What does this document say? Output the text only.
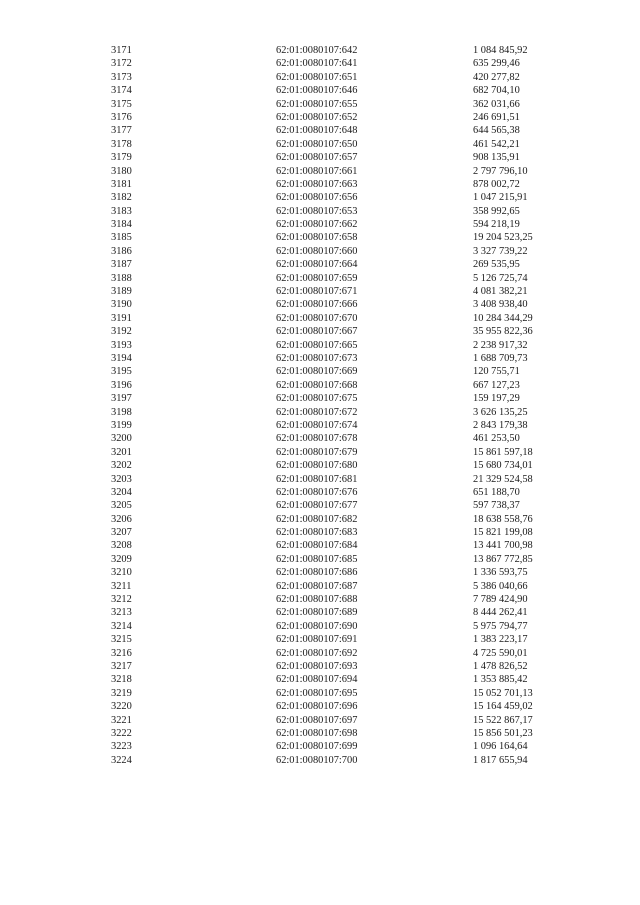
3171	62:01:0080107:642	1 084 845,92
3172	62:01:0080107:641	635 299,46
3173	62:01:0080107:651	420 277,82
3174	62:01:0080107:646	682 704,10
3175	62:01:0080107:655	362 031,66
3176	62:01:0080107:652	246 691,51
3177	62:01:0080107:648	644 565,38
3178	62:01:0080107:650	461 542,21
3179	62:01:0080107:657	908 135,91
3180	62:01:0080107:661	2 797 796,10
3181	62:01:0080107:663	878 002,72
3182	62:01:0080107:656	1 047 215,91
3183	62:01:0080107:653	358 992,65
3184	62:01:0080107:662	594 218,19
3185	62:01:0080107:658	19 204 523,25
3186	62:01:0080107:660	3 327 739,22
3187	62:01:0080107:664	269 535,95
3188	62:01:0080107:659	5 126 725,74
3189	62:01:0080107:671	4 081 382,21
3190	62:01:0080107:666	3 408 938,40
3191	62:01:0080107:670	10 284 344,29
3192	62:01:0080107:667	35 955 822,36
3193	62:01:0080107:665	2 238 917,32
3194	62:01:0080107:673	1 688 709,73
3195	62:01:0080107:669	120 755,71
3196	62:01:0080107:668	667 127,23
3197	62:01:0080107:675	159 197,29
3198	62:01:0080107:672	3 626 135,25
3199	62:01:0080107:674	2 843 179,38
3200	62:01:0080107:678	461 253,50
3201	62:01:0080107:679	15 861 597,18
3202	62:01:0080107:680	15 680 734,01
3203	62:01:0080107:681	21 329 524,58
3204	62:01:0080107:676	651 188,70
3205	62:01:0080107:677	597 738,37
3206	62:01:0080107:682	18 638 558,76
3207	62:01:0080107:683	15 821 199,08
3208	62:01:0080107:684	13 441 700,98
3209	62:01:0080107:685	13 867 772,85
3210	62:01:0080107:686	1 336 593,75
3211	62:01:0080107:687	5 386 040,66
3212	62:01:0080107:688	7 789 424,90
3213	62:01:0080107:689	8 444 262,41
3214	62:01:0080107:690	5 975 794,77
3215	62:01:0080107:691	1 383 223,17
3216	62:01:0080107:692	4 725 590,01
3217	62:01:0080107:693	1 478 826,52
3218	62:01:0080107:694	1 353 885,42
3219	62:01:0080107:695	15 052 701,13
3220	62:01:0080107:696	15 164 459,02
3221	62:01:0080107:697	15 522 867,17
3222	62:01:0080107:698	15 856 501,23
3223	62:01:0080107:699	1 096 164,64
3224	62:01:0080107:700	1 817 655,94
